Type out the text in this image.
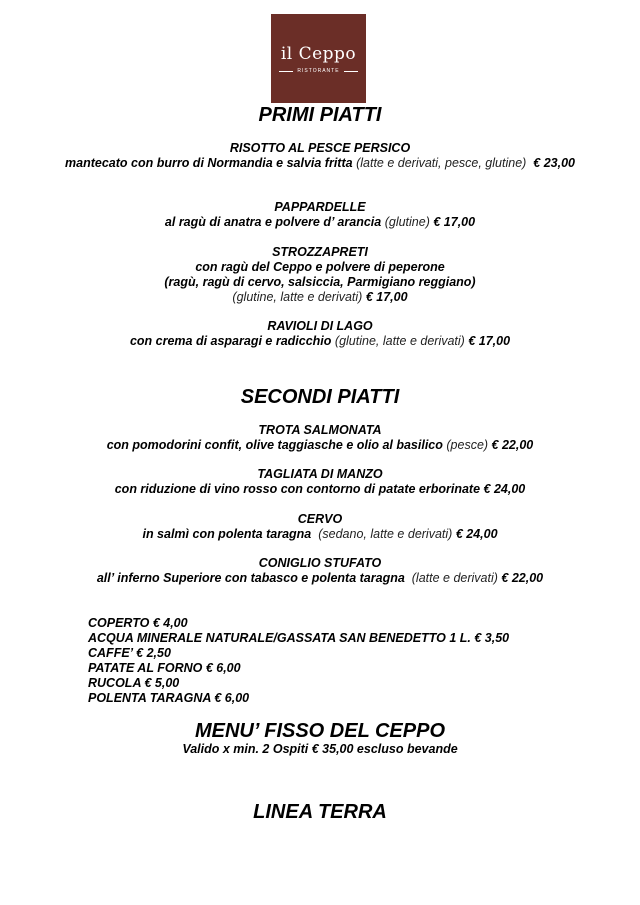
il Ceppo
RISTORANTE
PRIMI PIATTI
RISOTTO AL PESCE PERSICO
mantecato con burro di Normandia e salvia fritta (latte e derivati, pesce, glutine) € 23,00
PAPPARDELLE
al ragù di anatra e polvere d’ arancia (glutine) € 17,00
STROZZAPRETI
con ragù del Ceppo e polvere di peperone
(ragù, ragù di cervo, salsiccia, Parmigiano reggiano)
(glutine, latte e derivati) € 17,00
RAVIOLI DI LAGO
con crema di asparagi e radicchio (glutine, latte e derivati) € 17,00
SECONDI PIATTI
TROTA SALMONATA
con pomodorini confit, olive taggiasche e olio al basilico (pesce) € 22,00
TAGLIATA DI MANZO
con riduzione di vino rosso con contorno di patate erborinate € 24,00
CERVO
in salmì con polenta taragna (sedano, latte e derivati) € 24,00
CONIGLIO STUFATO
all’ inferno Superiore con tabasco e polenta taragna (latte e derivati) € 22,00
COPERTO € 4,00
ACQUA MINERALE NATURALE/GASSATA SAN BENEDETTO 1 L. € 3,50
CAFFE’ € 2,50
PATATE AL FORNO € 6,00
RUCOLA € 5,00
POLENTA TARAGNA € 6,00
MENU’ FISSO DEL CEPPO
Valido x min. 2 Ospiti € 35,00 escluso bevande
LINEA TERRA
